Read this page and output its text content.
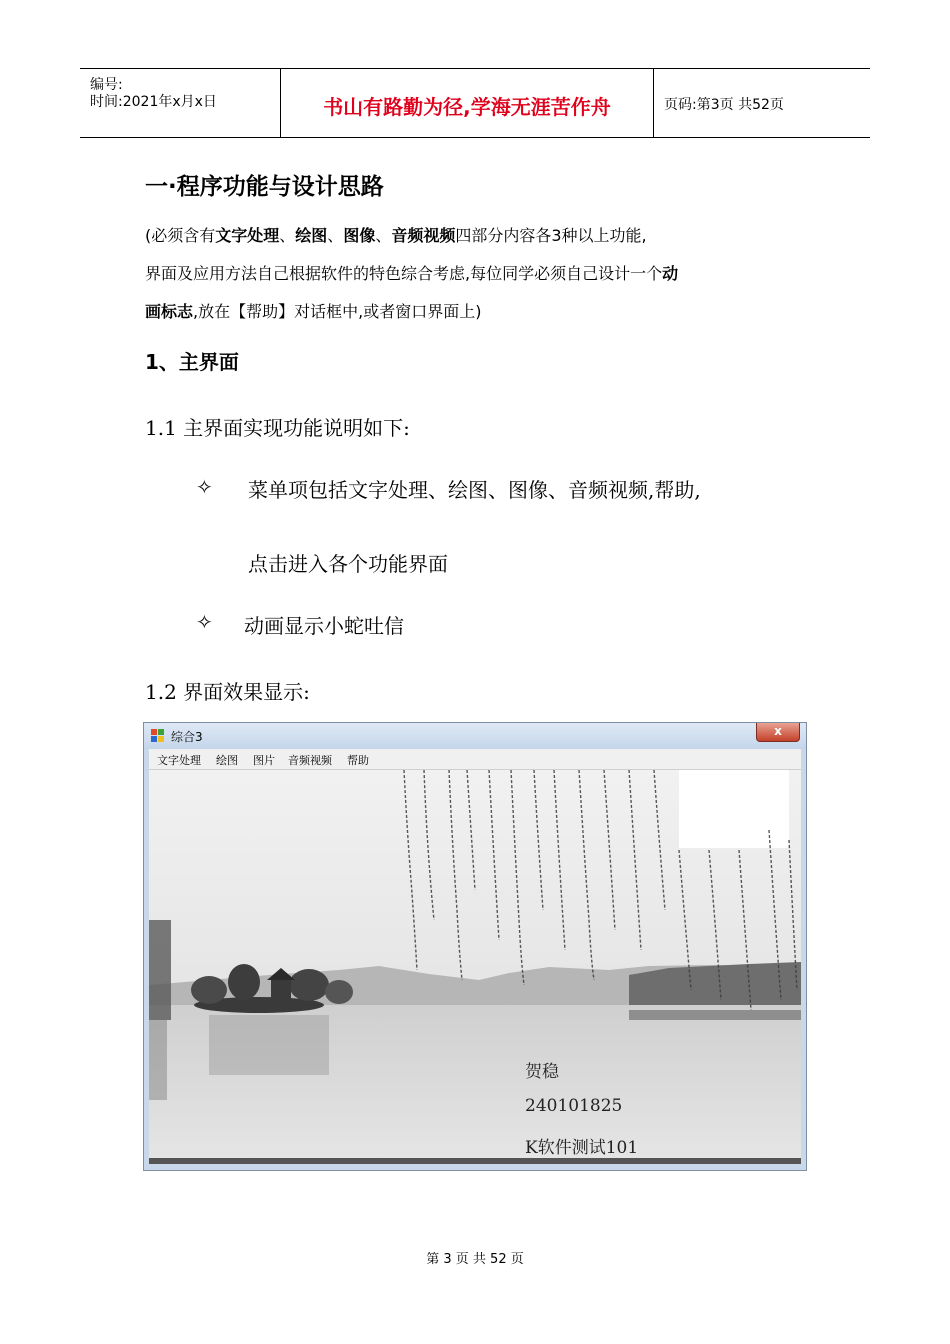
编号:
时间:2021年x月x日	书山有路勤为径,学海无涯苦作舟	页码:第3页 共52页
一·程序功能与设计思路
(必须含有文字处理、绘图、图像、音频视频四部分内容各3种以上功能,
界面及应用方法自己根据软件的特色综合考虑,每位同学必须自己设计一个动
画标志,放在【帮助】对话框中,或者窗口界面上)
1、主界面
1.1 主界面实现功能说明如下:
✧ 菜单项包括文字处理、绘图、图像、音频视频,帮助,
点击进入各个功能界面
✧ 动画显示小蛇吐信
1.2 界面效果显示:
综合3	x
文字处理 绘图 图片 音频视频 帮助
贺稳
240101825
K软件测试101
第 3 页 共 52 页
